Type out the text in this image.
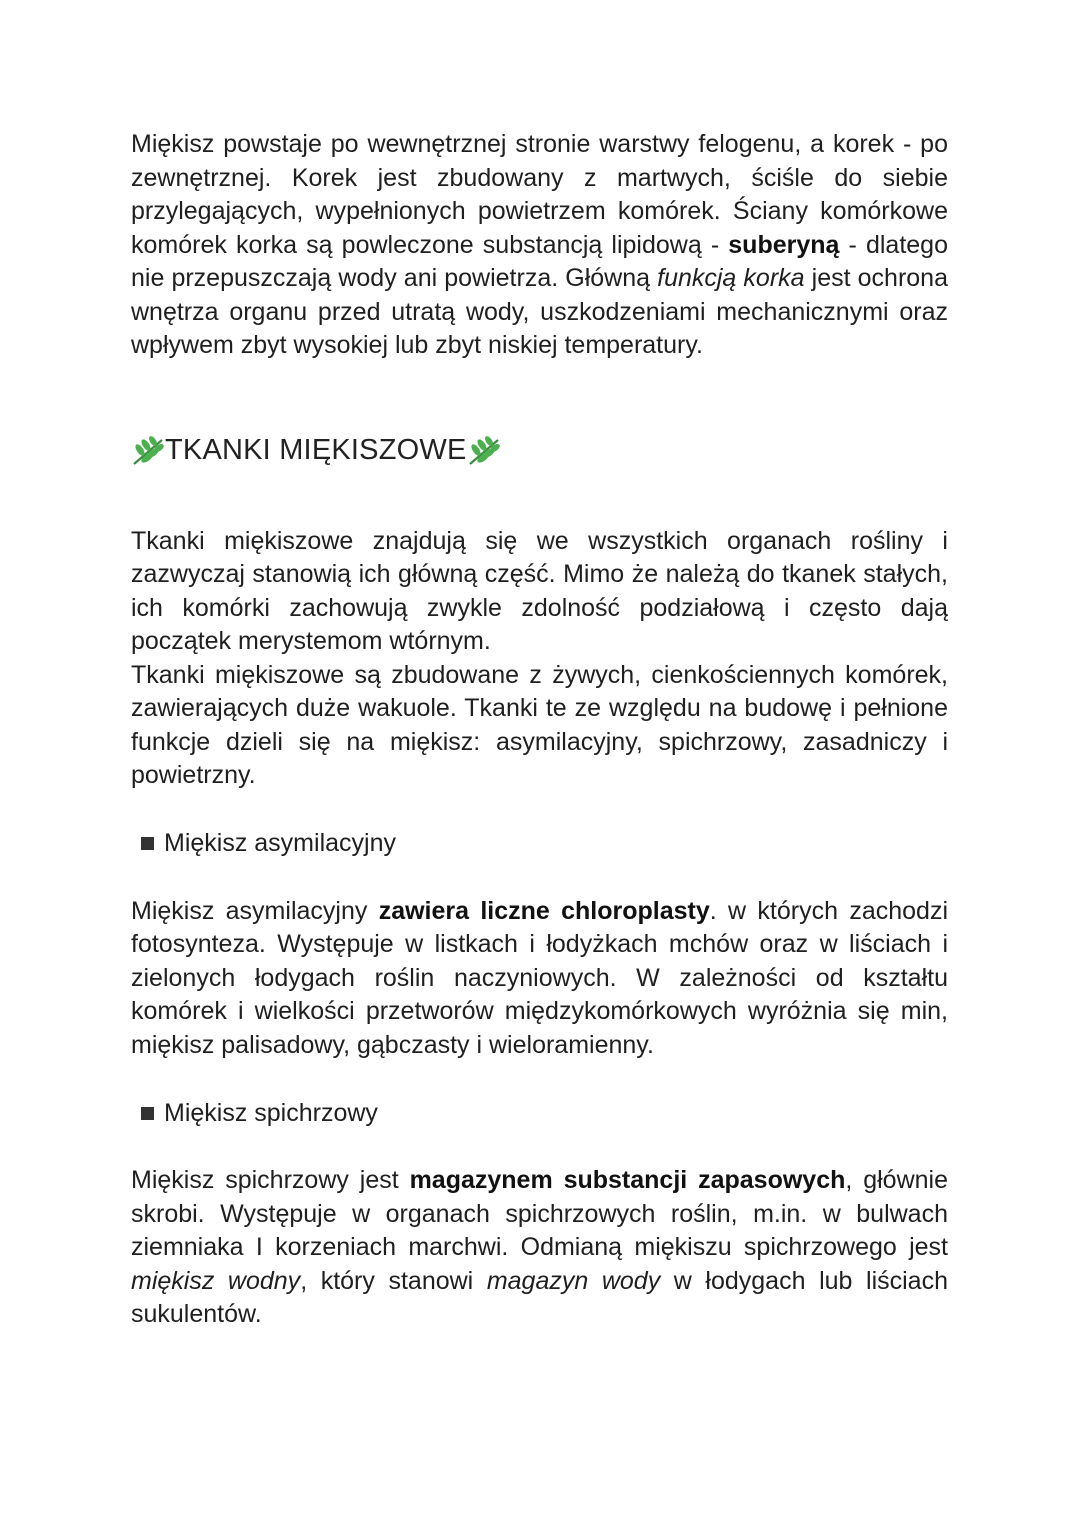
Miękisz powstaje po wewnętrznej stronie warstwy felogenu, a korek - po zewnętrznej. Korek jest zbudowany z martwych, ściśle do siebie przylegających, wypełnionych powietrzem komórek. Ściany komórkowe komórek korka są powleczone substancją lipidową - suberyną - dlatego nie przepuszczają wody ani powietrza. Główną funkcją korka jest ochrona wnętrza organu przed utratą wody, uszkodzeniami mechanicznymi oraz wpływem zbyt wysokiej lub zbyt niskiej temperatury.

TKANKI MIĘKISZOWE

Tkanki miękiszowe znajdują się we wszystkich organach rośliny i zazwyczaj stanowią ich główną część. Mimo że należą do tkanek stałych, ich komórki zachowują zwykle zdolność podziałową i często dają początek merystemom wtórnym.

Tkanki miękiszowe są zbudowane z żywych, cienkościennych komórek, zawierających duże wakuole. Tkanki te ze względu na budowę i pełnione funkcje dzieli się na miękisz: asymilacyjny, spichrzowy, zasadniczy i powietrzny.

Miękisz asymilacyjny

Miękisz asymilacyjny zawiera liczne chloroplasty. w których zachodzi fotosynteza. Występuje w listkach i łodyżkach mchów oraz w liściach i zielonych łodygach roślin naczyniowych. W zależności od kształtu komórek i wielkości przetworów międzykomórkowych wyróżnia się min, miękisz palisadowy, gąbczasty i wieloramienny.

Miękisz spichrzowy

Miękisz spichrzowy jest magazynem substancji zapasowych, głównie skrobi. Występuje w organach spichrzowych roślin, m.in. w bulwach ziemniaka I korzeniach marchwi. Odmianą miękiszu spichrzowego jest miękisz wodny, który stanowi magazyn wody w łodygach lub liściach sukulentów.
